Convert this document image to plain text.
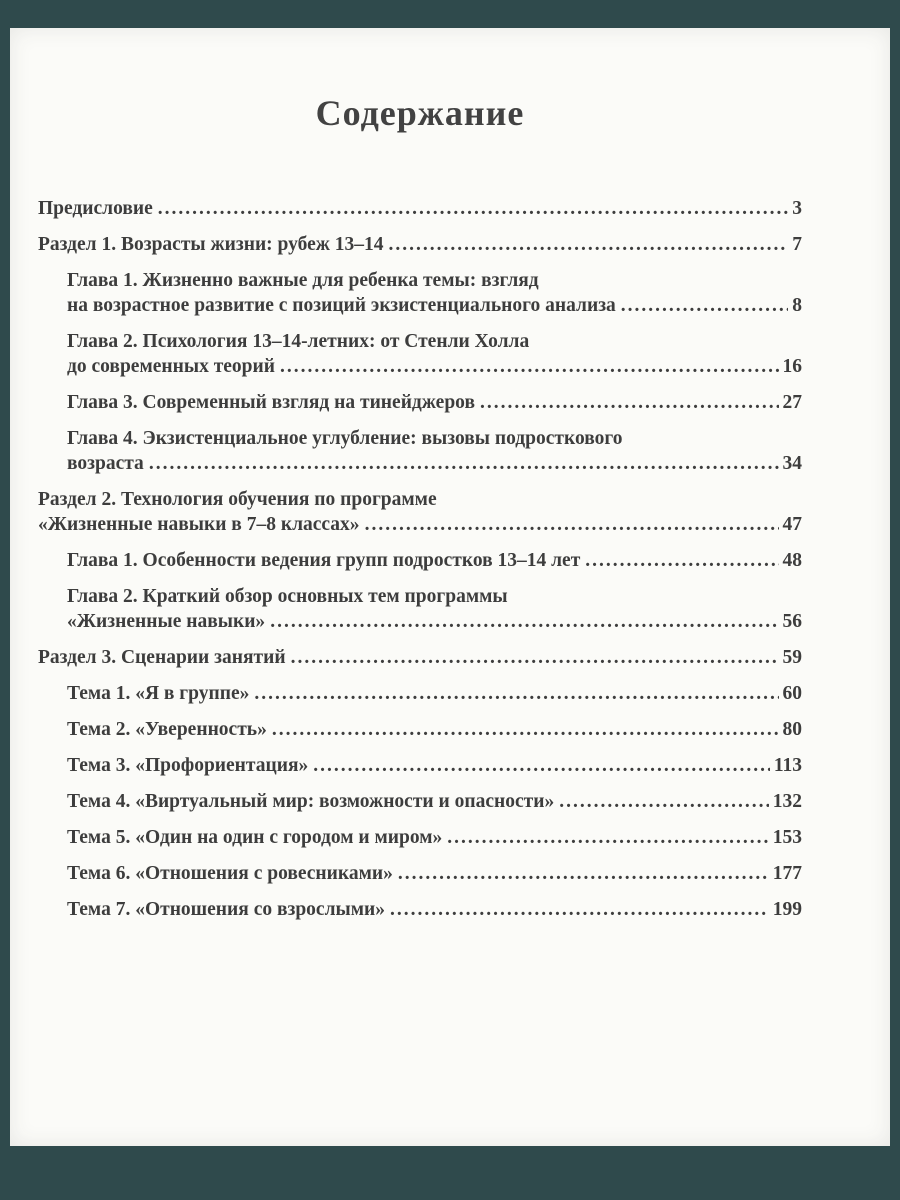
Содержание
Предисловие .....	3
Раздел 1. Возрасты жизни: рубеж 13–14 .....	7
Глава 1. Жизненно важные для ребенка темы: взгляд
на возрастное развитие с позиций экзистенциального анализа .....	8
Глава 2. Психология 13–14-летних: от Стенли Холла
до современных теорий .....	16
Глава 3. Современный взгляд на тинейджеров .....	27
Глава 4. Экзистенциальное углубление: вызовы подросткового
возраста .....	34
Раздел 2. Технология обучения по программе
«Жизненные навыки в 7–8 классах» .....	47
Глава 1. Особенности ведения групп подростков 13–14 лет .....	48
Глава 2. Краткий обзор основных тем программы
«Жизненные навыки» .....	56
Раздел 3. Сценарии занятий .....	59
Тема 1. «Я в группе» .....	60
Тема 2. «Уверенность» .....	80
Тема 3. «Профориентация» .....	113
Тема 4. «Виртуальный мир: возможности и опасности» .....	132
Тема 5. «Один на один с городом и миром» .....	153
Тема 6. «Отношения с ровесниками» .....	177
Тема 7. «Отношения со взрослыми» .....	199
